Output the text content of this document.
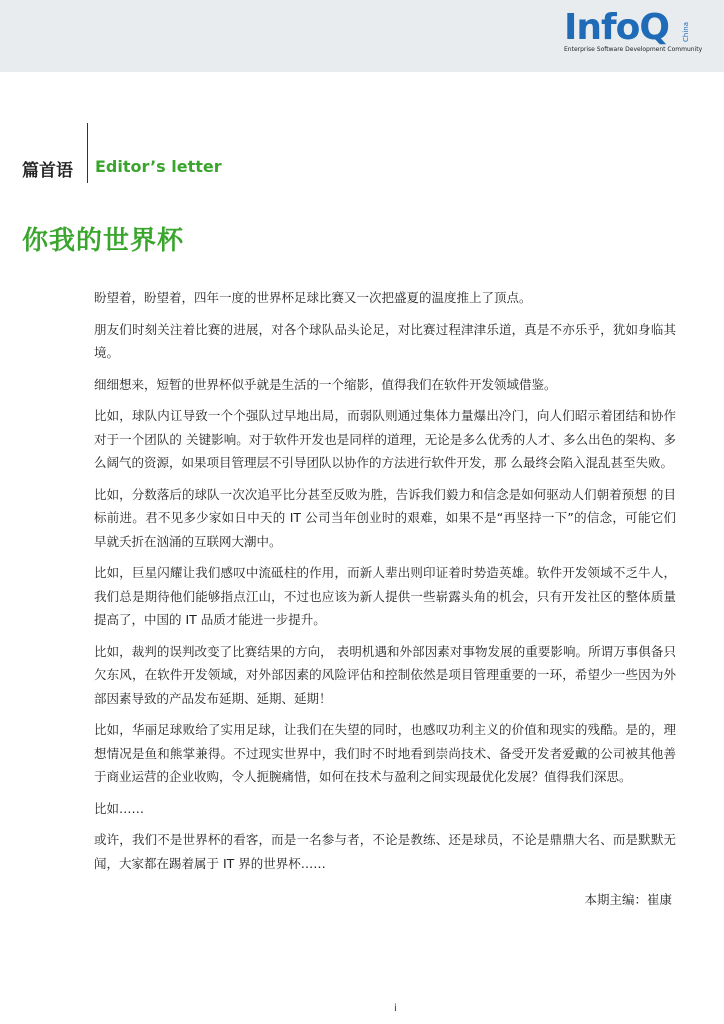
InfoQ China
Enterprise Software Development Community
篇首语 Editor’s letter
你我的世界杯

盼望着，盼望着，四年一度的世界杯足球比赛又一次把盛夏的温度推上了顶点。

朋友们时刻关注着比赛的进展，对各个球队品头论足，对比赛过程津津乐道，真是不亦乐乎，犹如身临其境。

细细想来，短暂的世界杯似乎就是生活的一个缩影，值得我们在软件开发领域借鉴。

比如，球队内讧导致一个个强队过早地出局，而弱队则通过集体力量爆出冷门，向人们昭示着团结和协作对于一个团队的 关键影响。对于软件开发也是同样的道理，无论是多么优秀的人才、多么出色的架构、多么阔气的资源，如果项目管理层不引导团队以协作的方法进行软件开发，那 么最终会陷入混乱甚至失败。

比如，分数落后的球队一次次追平比分甚至反败为胜，告诉我们毅力和信念是如何驱动人们朝着预想 的目标前进。君不见多少家如日中天的 IT 公司当年创业时的艰难，如果不是“再坚持一下”的信念，可能它们早就夭折在汹涌的互联网大潮中。

比如，巨星闪耀让我们感叹中流砥柱的作用，而新人辈出则印证着时势造英雄。软件开发领域不乏牛人，我们总是期待他们能够指点江山，不过也应该为新人提供一些崭露头角的机会，只有开发社区的整体质量提高了，中国的 IT 品质才能进一步提升。

比如，裁判的误判改变了比赛结果的方向， 表明机遇和外部因素对事物发展的重要影响。所谓万事俱备只欠东风，在软件开发领域，对外部因素的风险评估和控制依然是项目管理重要的一环，希望少一些因为外部因素导致的产品发布延期、延期、延期！

比如，华丽足球败给了实用足球，让我们在失望的同时，也感叹功利主义的价值和现实的残酷。是的，理想情况是鱼和熊掌兼得。不过现实世界中，我们时不时地看到崇尚技术、备受开发者爱戴的公司被其他善于商业运营的企业收购，令人扼腕痛惜，如何在技术与盈利之间实现最优化发展？值得我们深思。

比如……

或许，我们不是世界杯的看客，而是一名参与者，不论是教练、还是球员，不论是鼎鼎大名、而是默默无闻，大家都在踢着属于 IT 界的世界杯……

本期主编：崔康
i
